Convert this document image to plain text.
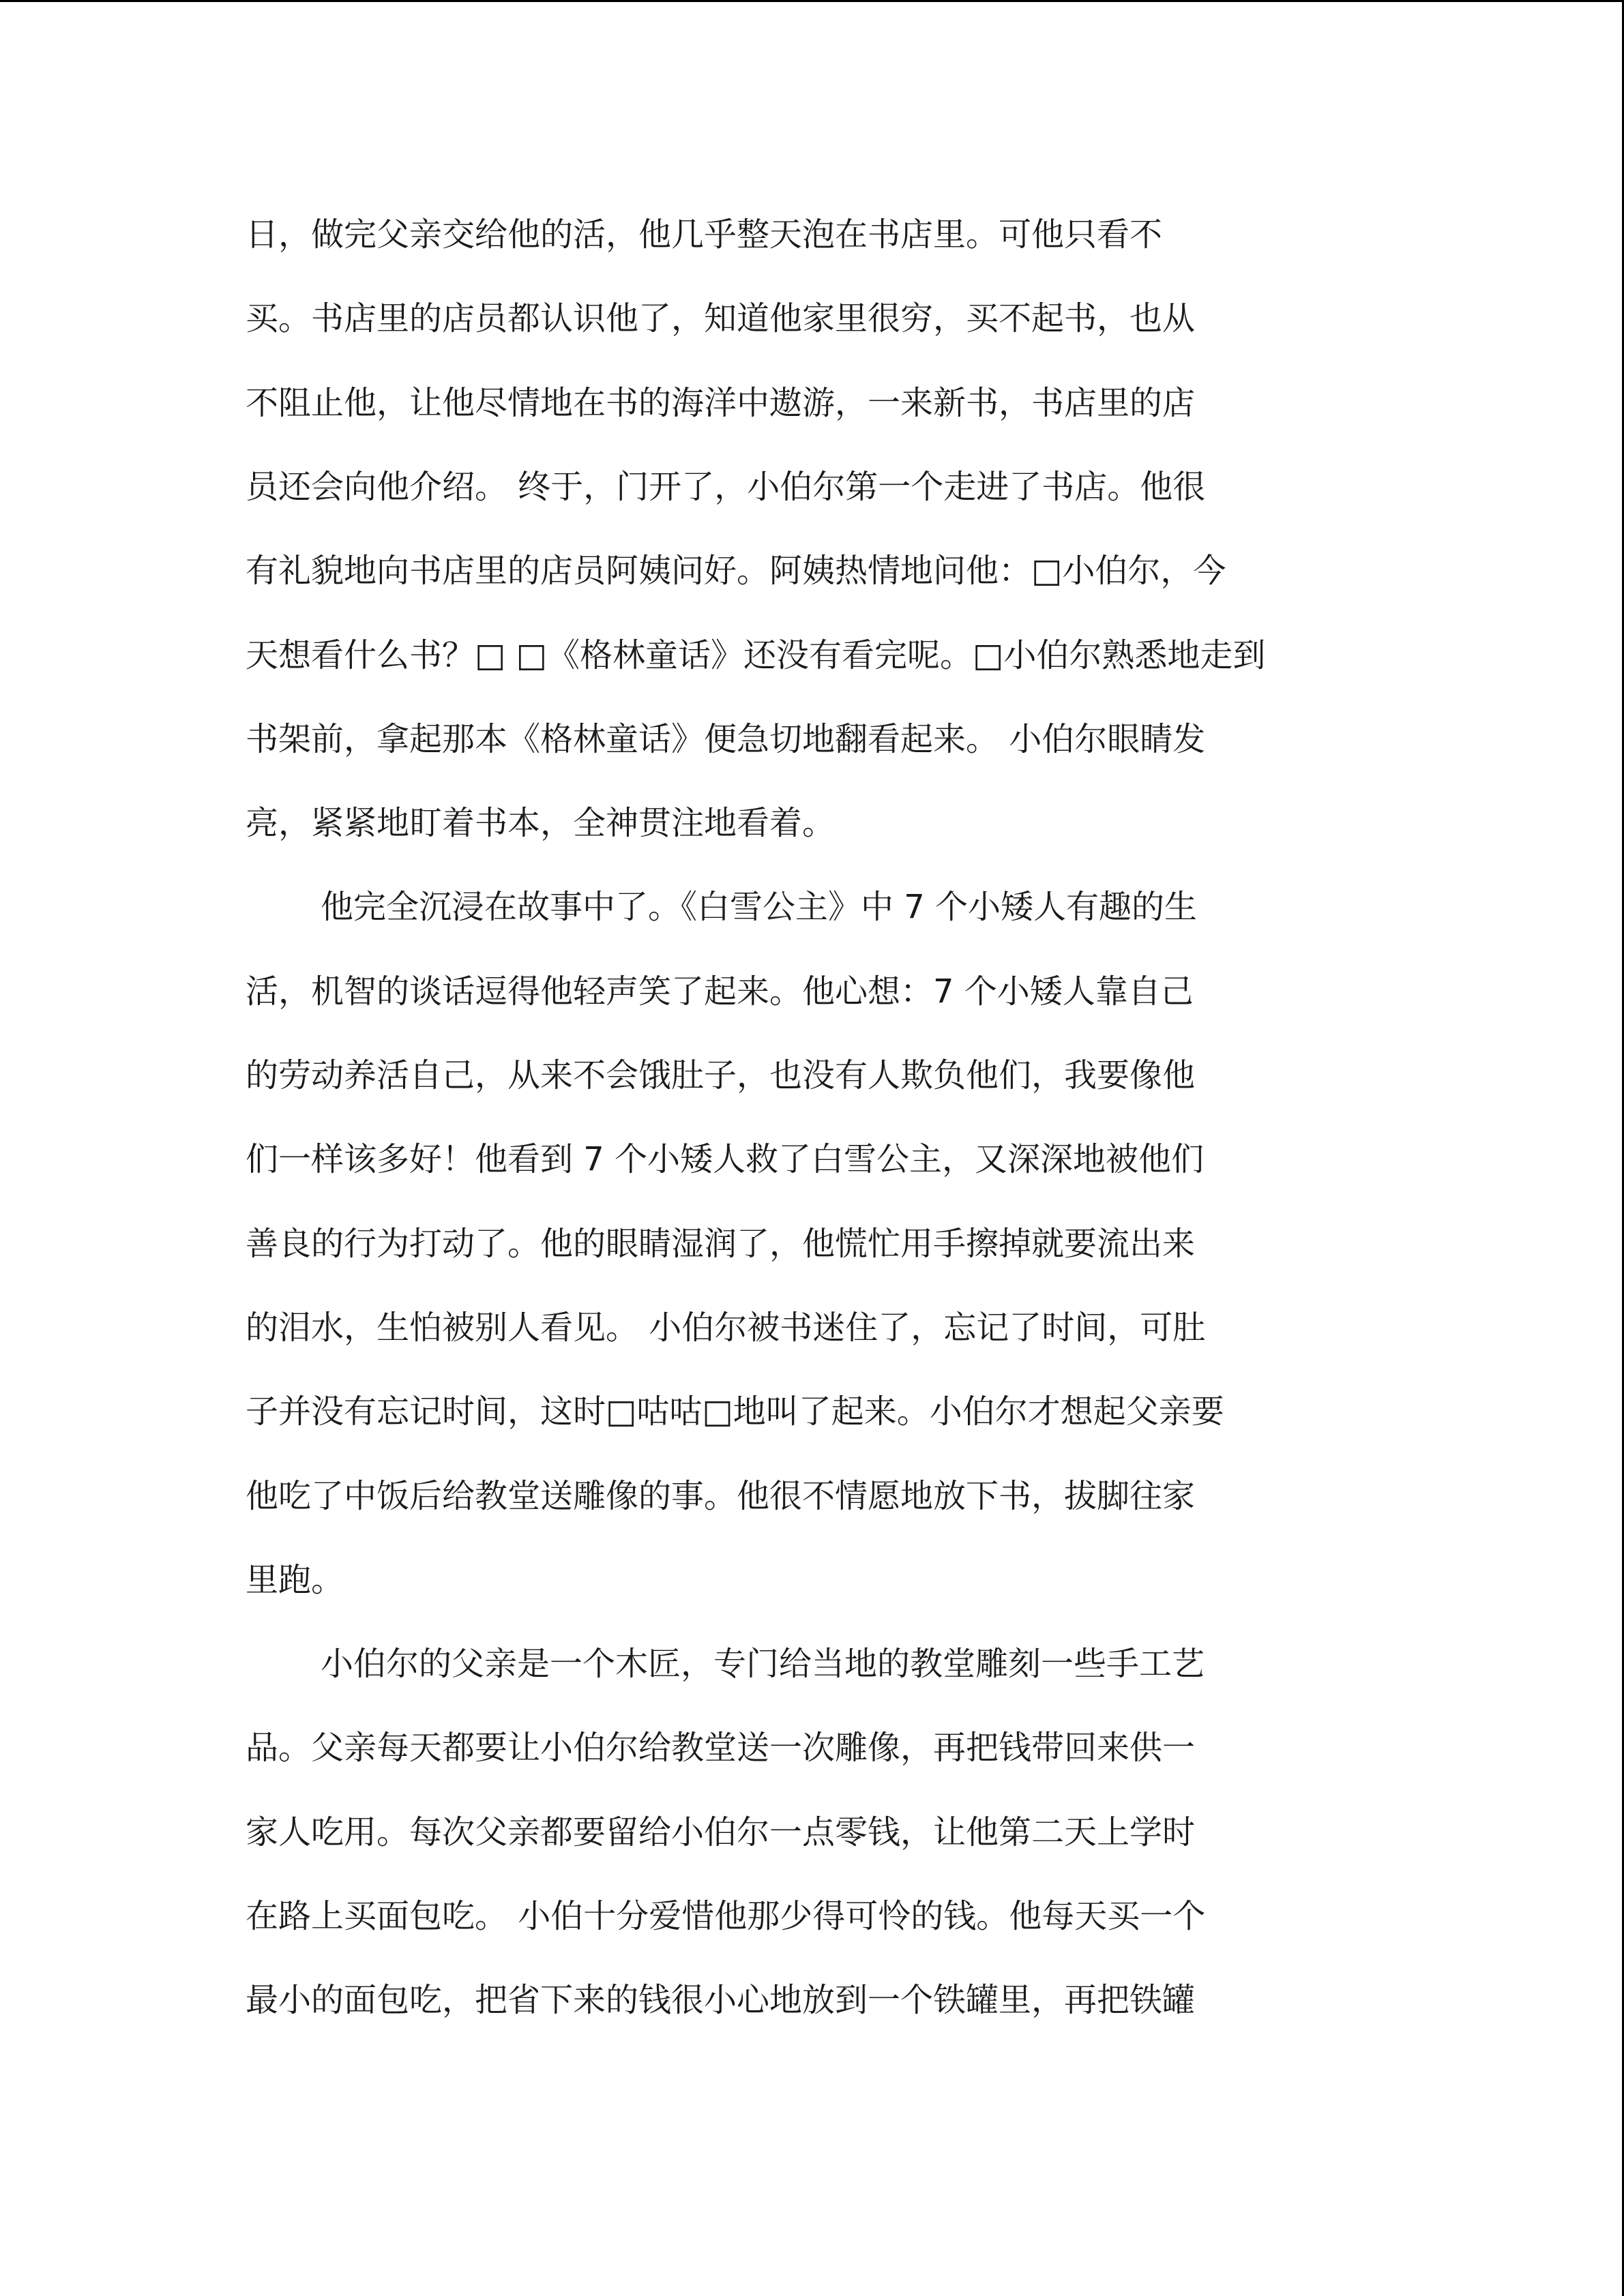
日，做完父亲交给他的活，他几乎整天泡在书店里。可他只看不
买。书店里的店员都认识他了，知道他家里很穷，买不起书，也从
不阻止他，让他尽情地在书的海洋中遨游，一来新书，书店里的店
员还会向他介绍。 终于，门开了，小伯尔第一个走进了书店。他很
有礼貌地向书店里的店员阿姨问好。阿姨热情地问他：□小伯尔，今
天想看什么书？□ □《格林童话》还没有看完呢。□小伯尔熟悉地走到
书架前，拿起那本《格林童话》便急切地翻看起来。 小伯尔眼睛发
亮，紧紧地盯着书本，全神贯注地看着。
他完全沉浸在故事中了。《白雪公主》中 7 个小矮人有趣的生
活，机智的谈话逗得他轻声笑了起来。他心想：7 个小矮人靠自己
的劳动养活自己，从来不会饿肚子，也没有人欺负他们，我要像他
们一样该多好！他看到 7 个小矮人救了白雪公主，又深深地被他们
善良的行为打动了。他的眼睛湿润了，他慌忙用手擦掉就要流出来
的泪水，生怕被别人看见。 小伯尔被书迷住了，忘记了时间，可肚
子并没有忘记时间，这时□咕咕□地叫了起来。小伯尔才想起父亲要
他吃了中饭后给教堂送雕像的事。他很不情愿地放下书，拔脚往家
里跑。
小伯尔的父亲是一个木匠，专门给当地的教堂雕刻一些手工艺
品。父亲每天都要让小伯尔给教堂送一次雕像，再把钱带回来供一
家人吃用。每次父亲都要留给小伯尔一点零钱，让他第二天上学时
在路上买面包吃。 小伯十分爱惜他那少得可怜的钱。他每天买一个
最小的面包吃，把省下来的钱很小心地放到一个铁罐里，再把铁罐
